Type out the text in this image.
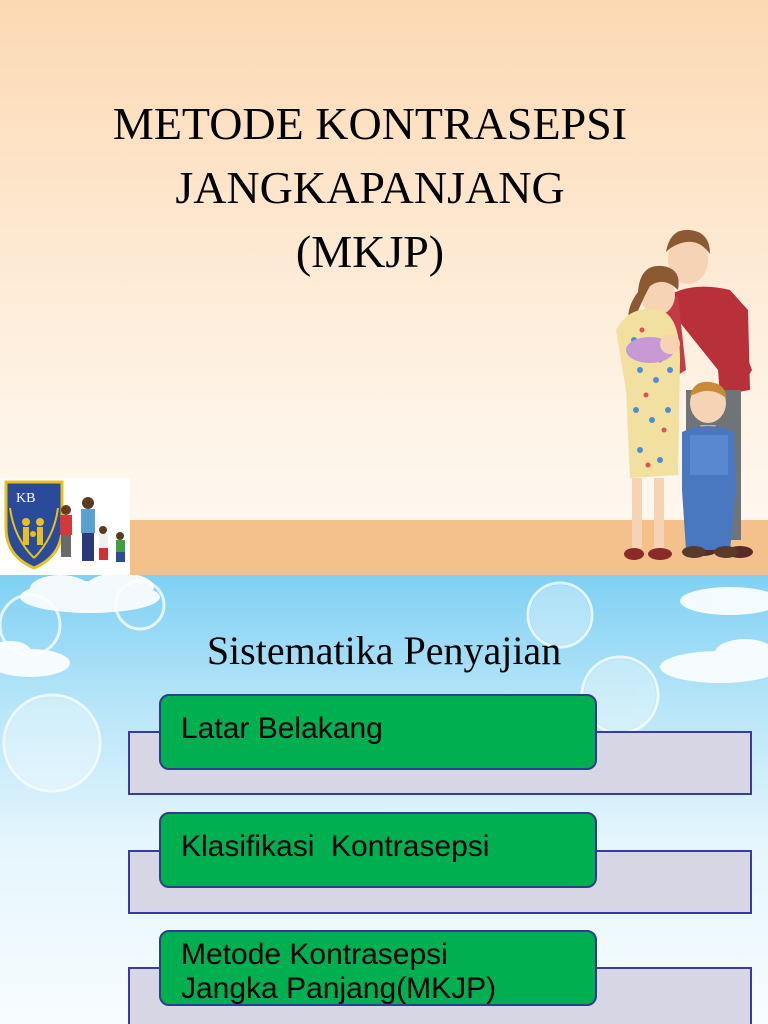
METODE KONTRASEPSI
JANGKAPANJANG
(MKJP)
KB
Sistematika Penyajian
Latar Belakang
Klasifikasi  Kontrasepsi
Metode Kontrasepsi
Jangka Panjang(MKJP)
